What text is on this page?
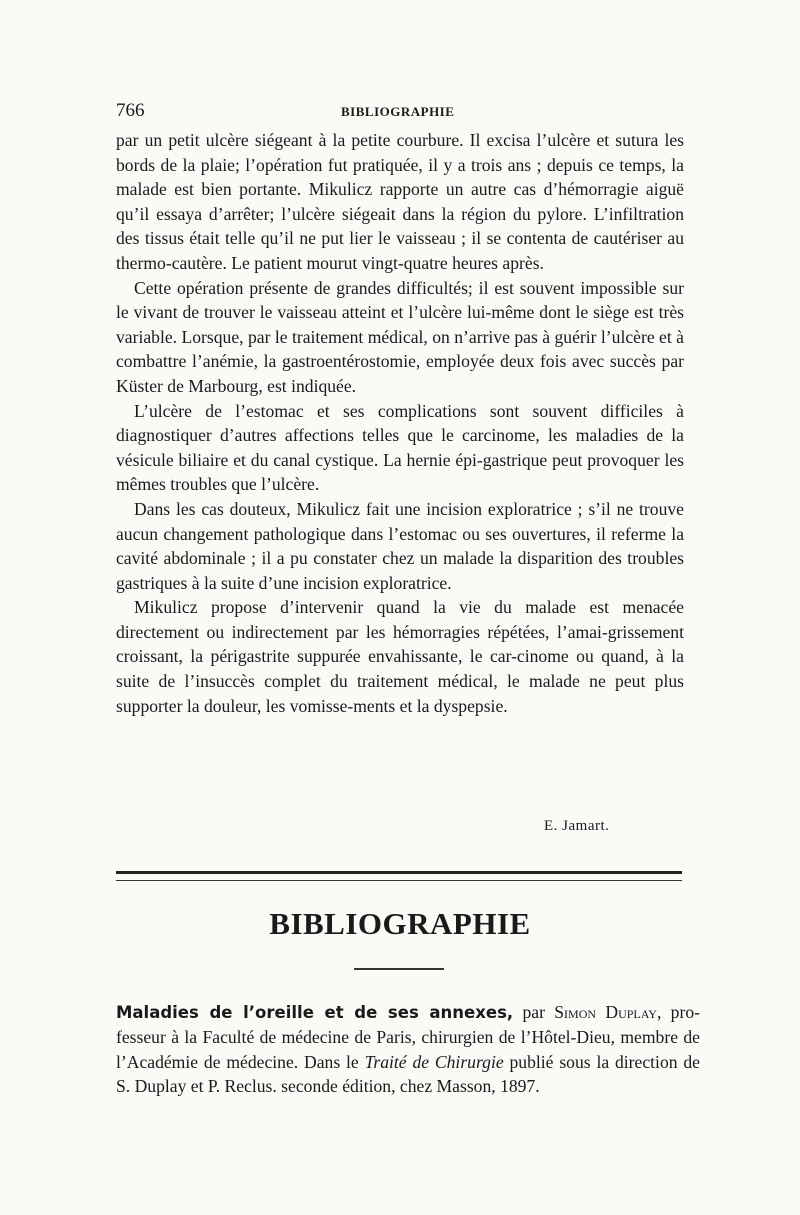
766	BIBLIOGRAPHIE

par un petit ulcère siégeant à la petite courbure. Il excisa l’ulcère et sutura les bords de la plaie; l’opération fut pratiquée, il y a trois ans ; depuis ce temps, la malade est bien portante. Mikulicz rapporte un autre cas d’hémorragie aiguë qu’il essaya d’arrêter; l’ulcère siégeait dans la région du pylore. L’infiltration des tissus était telle qu’il ne put lier le vaisseau ; il se contenta de cautériser au thermo-cautère. Le patient mourut vingt-quatre heures après.

Cette opération présente de grandes difficultés; il est souvent impossible sur le vivant de trouver le vaisseau atteint et l’ulcère lui-même dont le siège est très variable. Lorsque, par le traitement médical, on n’arrive pas à guérir l’ulcère et à combattre l’anémie, la gastroentérostomie, employée deux fois avec succès par Küster de Marbourg, est indiquée.

L’ulcère de l’estomac et ses complications sont souvent difficiles à diagnostiquer d’autres affections telles que le carcinome, les maladies de la vésicule biliaire et du canal cystique. La hernie épi-gastrique peut provoquer les mêmes troubles que l’ulcère.

Dans les cas douteux, Mikulicz fait une incision exploratrice ; s’il ne trouve aucun changement pathologique dans l’estomac ou ses ouvertures, il referme la cavité abdominale ; il a pu constater chez un malade la disparition des troubles gastriques à la suite d’une incision exploratrice.

Mikulicz propose d’intervenir quand la vie du malade est menacée directement ou indirectement par les hémorragies répétées, l’amai-grissement croissant, la périgastrite suppurée envahissante, le car-cinome ou quand, à la suite de l’insuccès complet du traitement médical, le malade ne peut plus supporter la douleur, les vomisse-ments et la dyspepsie.

E. Jamart.
BIBLIOGRAPHIE
Maladies de l’oreille et de ses annexes, par Simon Duplay, pro-fesseur à la Faculté de médecine de Paris, chirurgien de l’Hôtel-Dieu, membre de l’Académie de médecine. Dans le Traité de Chirurgie publié sous la direction de S. Duplay et P. Reclus. seconde édition, chez Masson, 1897.
